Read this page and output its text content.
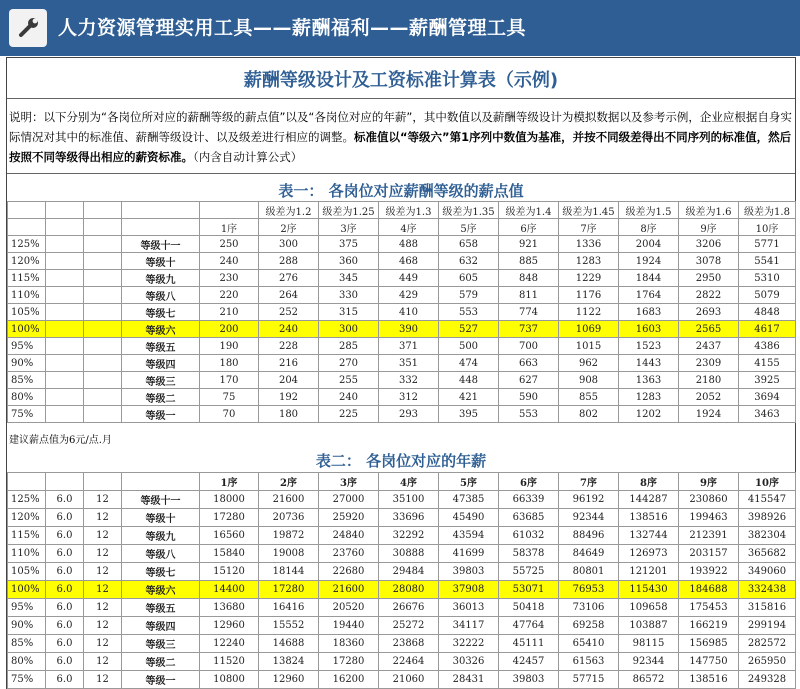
人力资源管理实用工具——薪酬福利——薪酬管理工具
薪酬等级设计及工资标准计算表（示例)
说明：以下分别为“各岗位所对应的薪酬等级的薪点值”以及“各岗位对应的年薪”，其中数值以及薪酬等级设计为模拟数据以及参考示例，企业应根据自身实际情况对其中的标准值、薪酬等级设计、以及级差进行相应的调整。标准值以“等级六”第1序列中数值为基准，并按不同级差得出不同序列的标准值，然后按照不同等级得出相应的薪资标准。（内含自动计算公式）
表一： 各岗位对应薪酬等级的薪点值
					级差为1.2	级差为1.25	级差为1.3	级差为1.35	级差为1.4	级差为1.45	级差为1.5	级差为1.6	级差为1.8
				1序	2序	3序	4序	5序	6序	7序	8序	9序	10序
125%			等级十一	250	300	375	488	658	921	1336	2004	3206	5771
120%			等级十	240	288	360	468	632	885	1283	1924	3078	5541
115%			等级九	230	276	345	449	605	848	1229	1844	2950	5310
110%			等级八	220	264	330	429	579	811	1176	1764	2822	5079
105%			等级七	210	252	315	410	553	774	1122	1683	2693	4848
100%			等级六	200	240	300	390	527	737	1069	1603	2565	4617
95%			等级五	190	228	285	371	500	700	1015	1523	2437	4386
90%			等级四	180	216	270	351	474	663	962	1443	2309	4155
85%			等级三	170	204	255	332	448	627	908	1363	2180	3925
80%			等级二	75	192	240	312	421	590	855	1283	2052	3694
75%			等级一	70	180	225	293	395	553	802	1202	1924	3463
建议薪点值为6元/点.月
表二： 各岗位对应的年薪
				1序	2序	3序	4序	5序	6序	7序	8序	9序	10序
125%	6.0	12	等级十一	18000	21600	27000	35100	47385	66339	96192	144287	230860	415547
120%	6.0	12	等级十	17280	20736	25920	33696	45490	63685	92344	138516	199463	398926
115%	6.0	12	等级九	16560	19872	24840	32292	43594	61032	88496	132744	212391	382304
110%	6.0	12	等级八	15840	19008	23760	30888	41699	58378	84649	126973	203157	365682
105%	6.0	12	等级七	15120	18144	22680	29484	39803	55725	80801	121201	193922	349060
100%	6.0	12	等级六	14400	17280	21600	28080	37908	53071	76953	115430	184688	332438
95%	6.0	12	等级五	13680	16416	20520	26676	36013	50418	73106	109658	175453	315816
90%	6.0	12	等级四	12960	15552	19440	25272	34117	47764	69258	103887	166219	299194
85%	6.0	12	等级三	12240	14688	18360	23868	32222	45111	65410	98115	156985	282572
80%	6.0	12	等级二	11520	13824	17280	22464	30326	42457	61563	92344	147750	265950
75%	6.0	12	等级一	10800	12960	16200	21060	28431	39803	57715	86572	138516	249328
